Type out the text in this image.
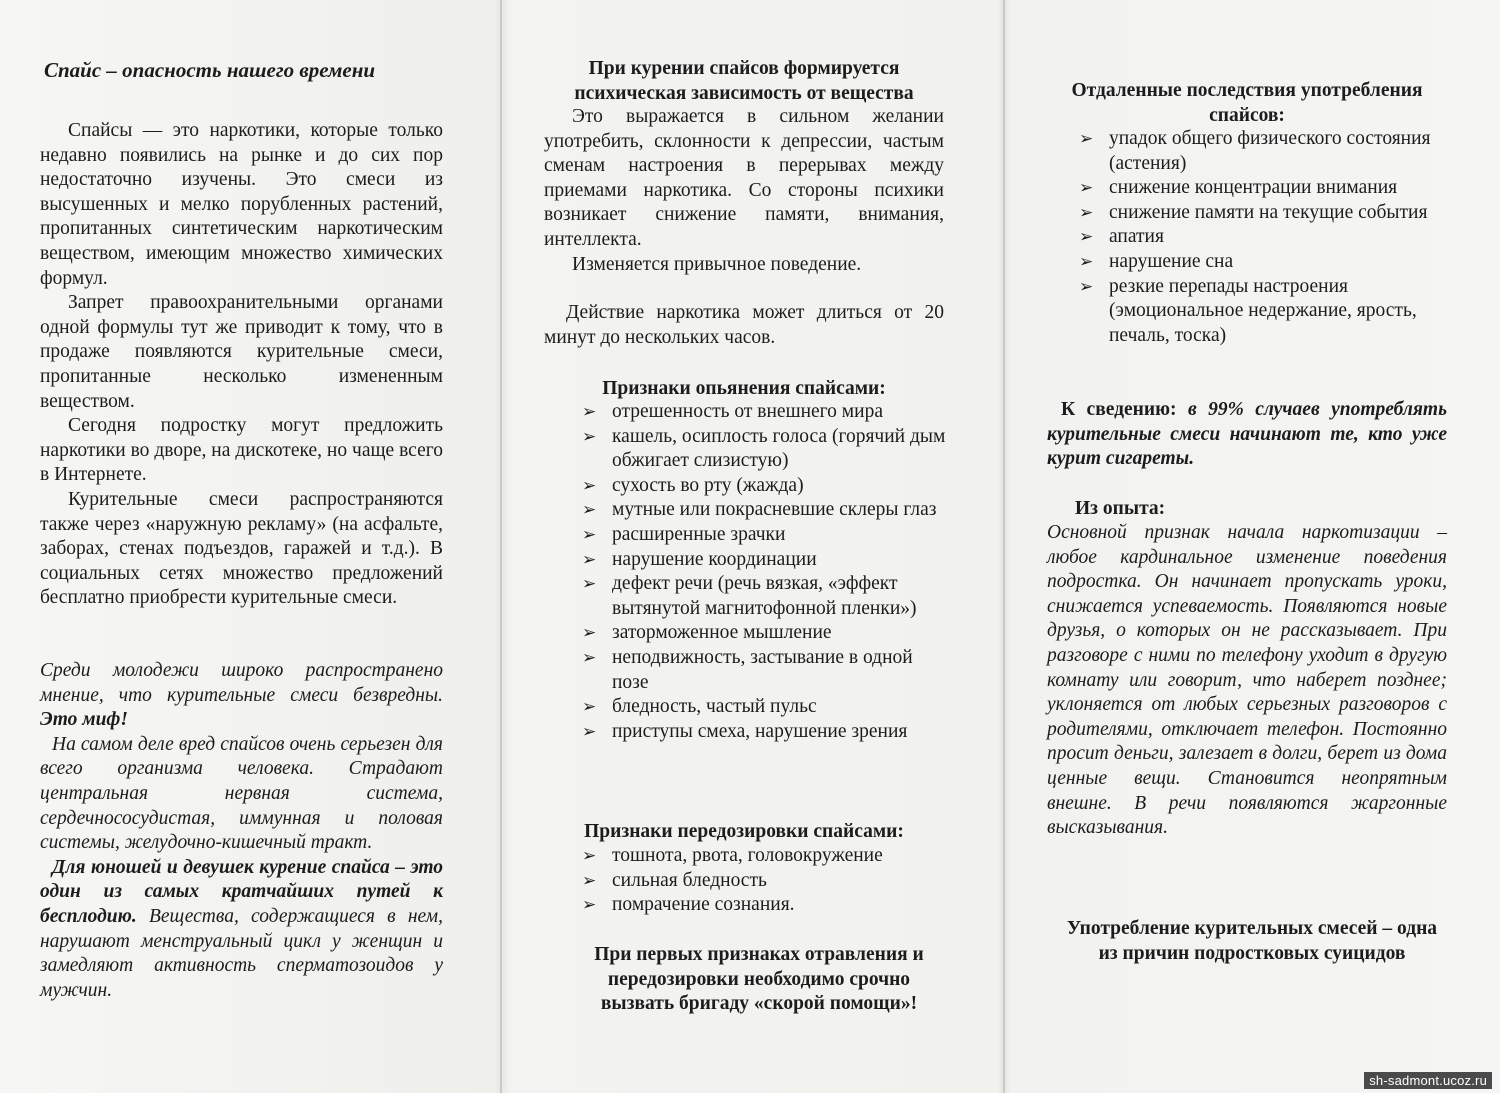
Спайс – опасность нашего времени

Спайсы — это наркотики, которые только недавно появились на рынке и до сих пор недостаточно изучены. Это смеси из высушенных и мелко порубленных растений, пропитанных синтетическим наркотическим веществом, имеющим множество химических формул.

Запрет правоохранительными органами одной формулы тут же приводит к тому, что в продаже появляются курительные смеси, пропитанные несколько измененным веществом.

Сегодня подростку могут предложить наркотики во дворе, на дискотеке, но чаще всего в Интернете.

Курительные смеси распространяются также через «наружную рекламу» (на асфальте, заборах, стенах подъездов, гаражей и т.д.). В социальных сетях множество предложений бесплатно приобрести курительные смеси.

Среди молодежи широко распространено мнение, что курительные смеси безвредны. Это миф!

На самом деле вред спайсов очень серьезен для всего организма человека. Страдают центральная нервная система, сердечнососудистая, иммунная и половая системы, желудочно-кишечный тракт.

Для юношей и девушек курение спайса – это один из самых кратчайших путей к бесплодию. Вещества, содержащиеся в нем, нарушают менструальный цикл у женщин и замедляют активность сперматозоидов у мужчин.

При курении спайсов формируется психическая зависимость от вещества

Это выражается в сильном желании употребить, склонности к депрессии, частым сменам настроения в перерывах между приемами наркотика. Со стороны психики возникает снижение памяти, внимания, интеллекта.

Изменяется привычное поведение.

Действие наркотика может длиться от 20 минут до нескольких часов.

Признаки опьянения спайсами:
➢ отрешенность от внешнего мира
➢ кашель, осиплость голоса (горячий дым обжигает слизистую)
➢ сухость во рту (жажда)
➢ мутные или покрасневшие склеры глаз
➢ расширенные зрачки
➢ нарушение координации
➢ дефект речи (речь вязкая, «эффект вытянутой магнитофонной пленки»)
➢ заторможенное мышление
➢ неподвижность, застывание в одной позе
➢ бледность, частый пульс
➢ приступы смеха, нарушение зрения
Признаки передозировки спайсами:
➢ тошнота, рвота, головокружение
➢ сильная бледность
➢ помрачение сознания.
При первых признаках отравления и передозировки необходимо срочно вызвать бригаду «скорой помощи»!
Отдаленные последствия употребления спайсов:
➢ упадок общего физического состояния (астения)
➢ снижение концентрации внимания
➢ снижение памяти на текущие события
➢ апатия
➢ нарушение сна
➢ резкие перепады настроения (эмоциональное недержание, ярость, печаль, тоска)

К сведению: в 99% случаев употреблять курительные смеси начинают те, кто уже курит сигареты.

Из опыта:

Основной признак начала наркотизации – любое кардинальное изменение поведения подростка. Он начинает пропускать уроки, снижается успеваемость. Появляются новые друзья, о которых он не рассказывает. При разговоре с ними по телефону уходит в другую комнату или говорит, что наберет позднее; уклоняется от любых серьезных разговоров с родителями, отключает телефон. Постоянно просит деньги, залезает в долги, берет из дома ценные вещи. Становится неопрятным внешне. В речи появляются жаргонные высказывания.

Употребление курительных смесей – одна из причин подростковых суицидов
sh-sadmont.ucoz.ru
